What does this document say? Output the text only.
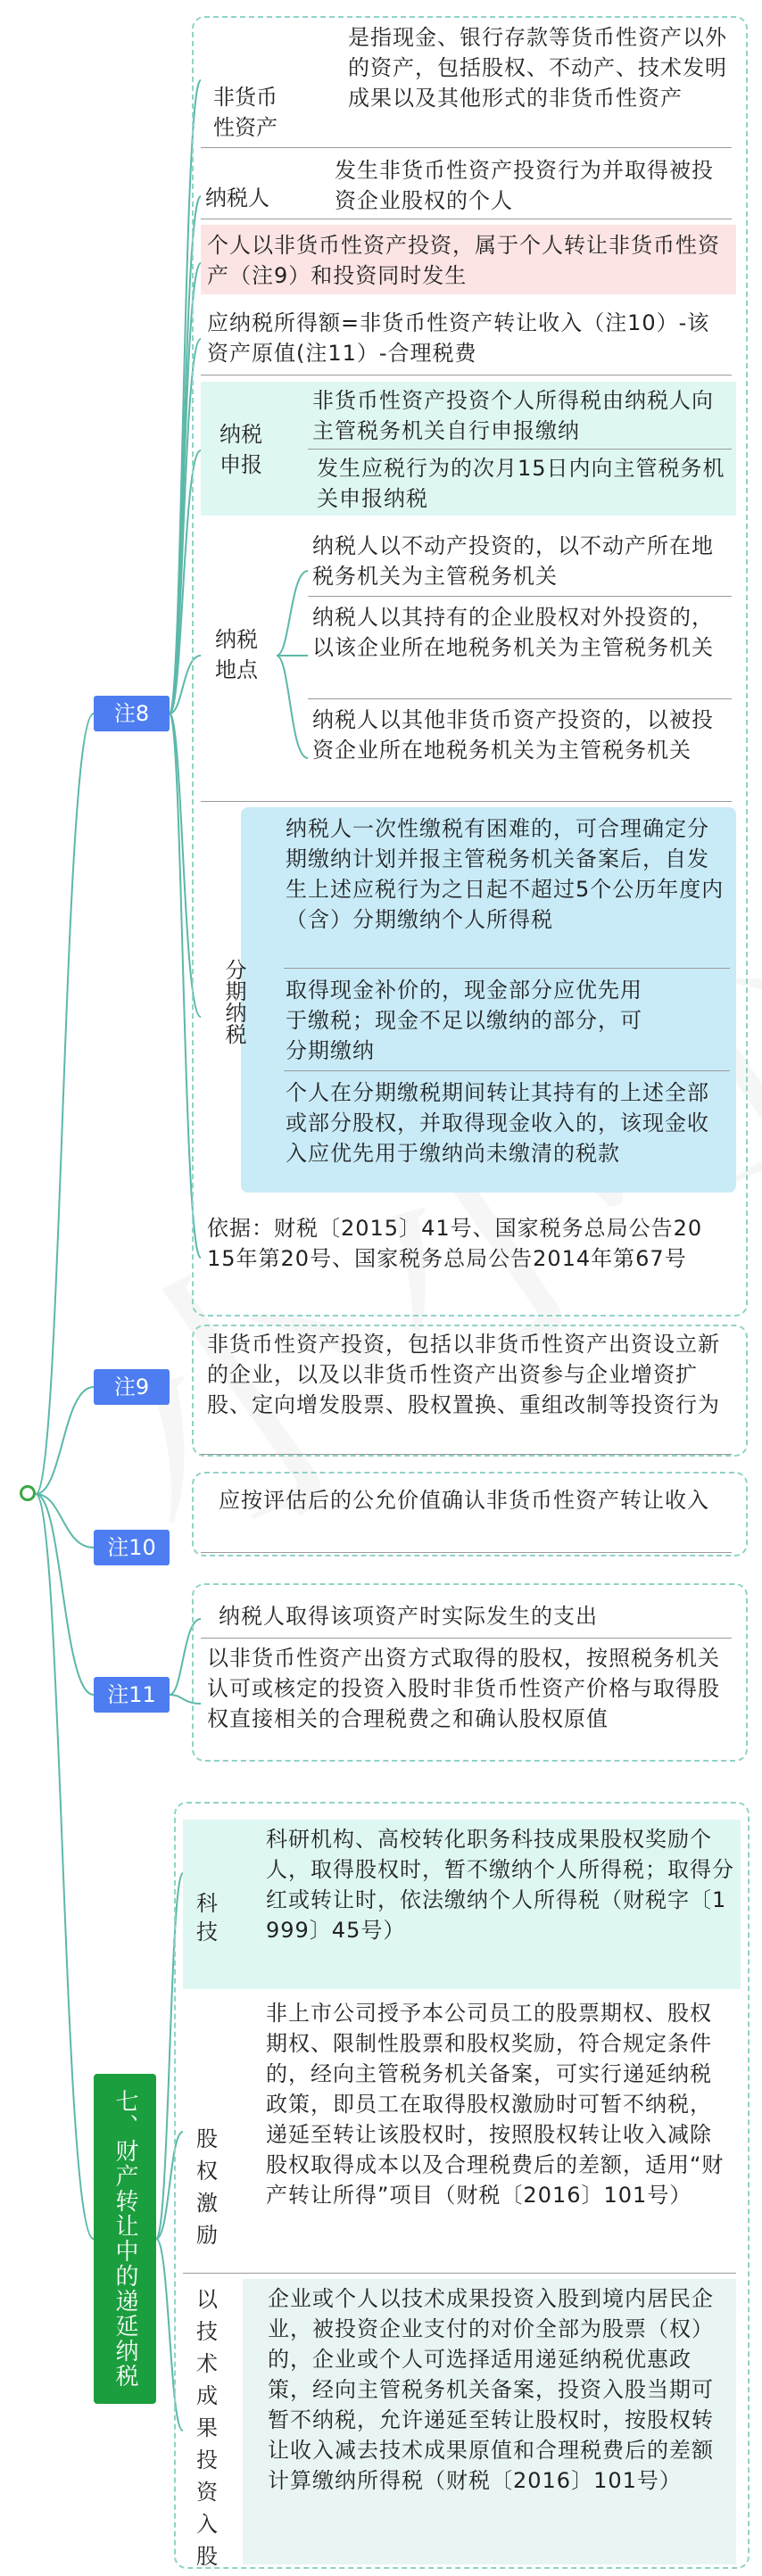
注8
非货币性资产
是指现金、银行存款等货币性资产以外的资产，包括股权、不动产、技术发明成果以及其他形式的非货币性资产
纳税人
发生非货币性资产投资行为并取得被投资企业股权的个人
个人以非货币性资产投资，属于个人转让非货币性资产（注9）和投资同时发生
应纳税所得额=非货币性资产转让收入（注10）-该资产原值(注11）-合理税费
纳税申报
非货币性资产投资个人所得税由纳税人向主管税务机关自行申报缴纳
发生应税行为的次月15日内向主管税务机关申报纳税
纳税地点
纳税人以不动产投资的，以不动产所在地税务机关为主管税务机关
纳税人以其持有的企业股权对外投资的，以该企业所在地税务机关为主管税务机关
纳税人以其他非货币资产投资的，以被投资企业所在地税务机关为主管税务机关
分期纳税
纳税人一次性缴税有困难的，可合理确定分期缴纳计划并报主管税务机关备案后，自发生上述应税行为之日起不超过5个公历年度内（含）分期缴纳个人所得税
取得现金补价的，现金部分应优先用于缴税；现金不足以缴纳的部分，可分期缴纳
个人在分期缴税期间转让其持有的上述全部或部分股权，并取得现金收入的，该现金收入应优先用于缴纳尚未缴清的税款
依据：财税〔2015〕41号、国家税务总局公告2015年第20号、国家税务总局公告2014年第67号
注9
非货币性资产投资，包括以非货币性资产出资设立新的企业，以及以非货币性资产出资参与企业增资扩股、定向增发股票、股权置换、重组改制等投资行为
注10
应按评估后的公允价值确认非货币性资产转让收入
注11
纳税人取得该项资产时实际发生的支出
以非货币性资产出资方式取得的股权，按照税务机关认可或核定的投资入股时非货币性资产价格与取得股权直接相关的合理税费之和确认股权原值
七、财产转让中的递延纳税
科技
科研机构、高校转化职务科技成果股权奖励个人，取得股权时，暂不缴纳个人所得税；取得分红或转让时，依法缴纳个人所得税（财税字〔1999〕45号）
股权激励
非上市公司授予本公司员工的股票期权、股权期权、限制性股票和股权奖励，符合规定条件的，经向主管税务机关备案，可实行递延纳税政策，即员工在取得股权激励时可暂不纳税，递延至转让该股权时，按照股权转让收入减除股权取得成本以及合理税费后的差额，适用“财产转让所得”项目（财税〔2016〕101号）
以技术成果投资入股
企业或个人以技术成果投资入股到境内居民企业，被投资企业支付的对价全部为股票（权）的，企业或个人可选择适用递延纳税优惠政策，经向主管税务机关备案，投资入股当期可暂不纳税，允许递延至转让股权时，按股权转让收入减去技术成果原值和合理税费后的差额计算缴纳所得税（财税〔2016〕101号）
